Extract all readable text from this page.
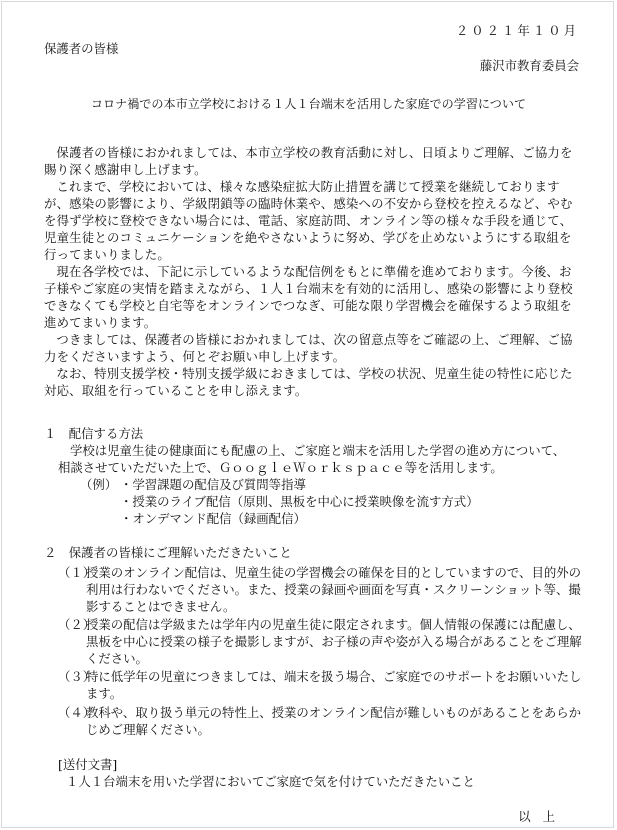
２０２１年１０月
保護者の皆様
藤沢市教育委員会
コロナ禍での本市立学校における１人１台端末を活用した家庭での学習について

保護者の皆様におかれましては、本市立学校の教育活動に対し、日頃よりご理解、ご協力を賜り深く感謝申し上げます。

これまで、学校においては、様々な感染症拡大防止措置を講じて授業を継続しておりますが、感染の影響により、学級閉鎖等の臨時休業や、感染への不安から登校を控えるなど、やむを得ず学校に登校できない場合には、電話、家庭訪問、オンライン等の様々な手段を通じて、児童生徒とのコミュニケーションを絶やさないように努め、学びを止めないようにする取組を行ってまいりました。

現在各学校では、下記に示しているような配信例をもとに準備を進めております。今後、お子様やご家庭の実情を踏まえながら、１人１台端末を有効的に活用し、感染の影響により登校できなくても学校と自宅等をオンラインでつなぎ、可能な限り学習機会を確保するよう取組を進めてまいります。

つきましては、保護者の皆様におかれましては、次の留意点等をご確認の上、ご理解、ご協力をくださいますよう、何とぞお願い申し上げます。

なお、特別支援学校・特別支援学級におきましては、学校の状況、児童生徒の特性に応じた対応、取組を行っていることを申し添えます。

１　配信する方法
学校は児童生徒の健康面にも配慮の上、ご家庭と端末を活用した学習の進め方について、
相談させていただいた上で、ＧｏｏｇｌｅＷｏｒｋｓｐａｃｅ等を活用します。
（例） ・学習課題の配信及び質問等指導
・授業のライブ配信（原則、黒板を中心に授業映像を流す方式）
・オンデマンド配信（録画配信）
２　保護者の皆様にご理解いただきたいこと
（１）
授業のオンライン配信は、児童生徒の学習機会の確保を目的としていますので、目的外の利用は行わないでください。また、授業の録画や画面を写真・スクリーンショット等、撮影することはできません。
（２）
授業の配信は学級または学年内の児童生徒に限定されます。個人情報の保護には配慮し、黒板を中心に授業の様子を撮影しますが、お子様の声や姿が入る場合があることをご理解ください。
（３）
特に低学年の児童につきましては、端末を扱う場合、ご家庭でのサポートをお願いいたします。
（４）
教科や、取り扱う単元の特性上、授業のオンライン配信が難しいものがあることをあらかじめご理解ください。
[送付文書]
１人１台端末を用いた学習においてご家庭で気を付けていただきたいこと
以上
